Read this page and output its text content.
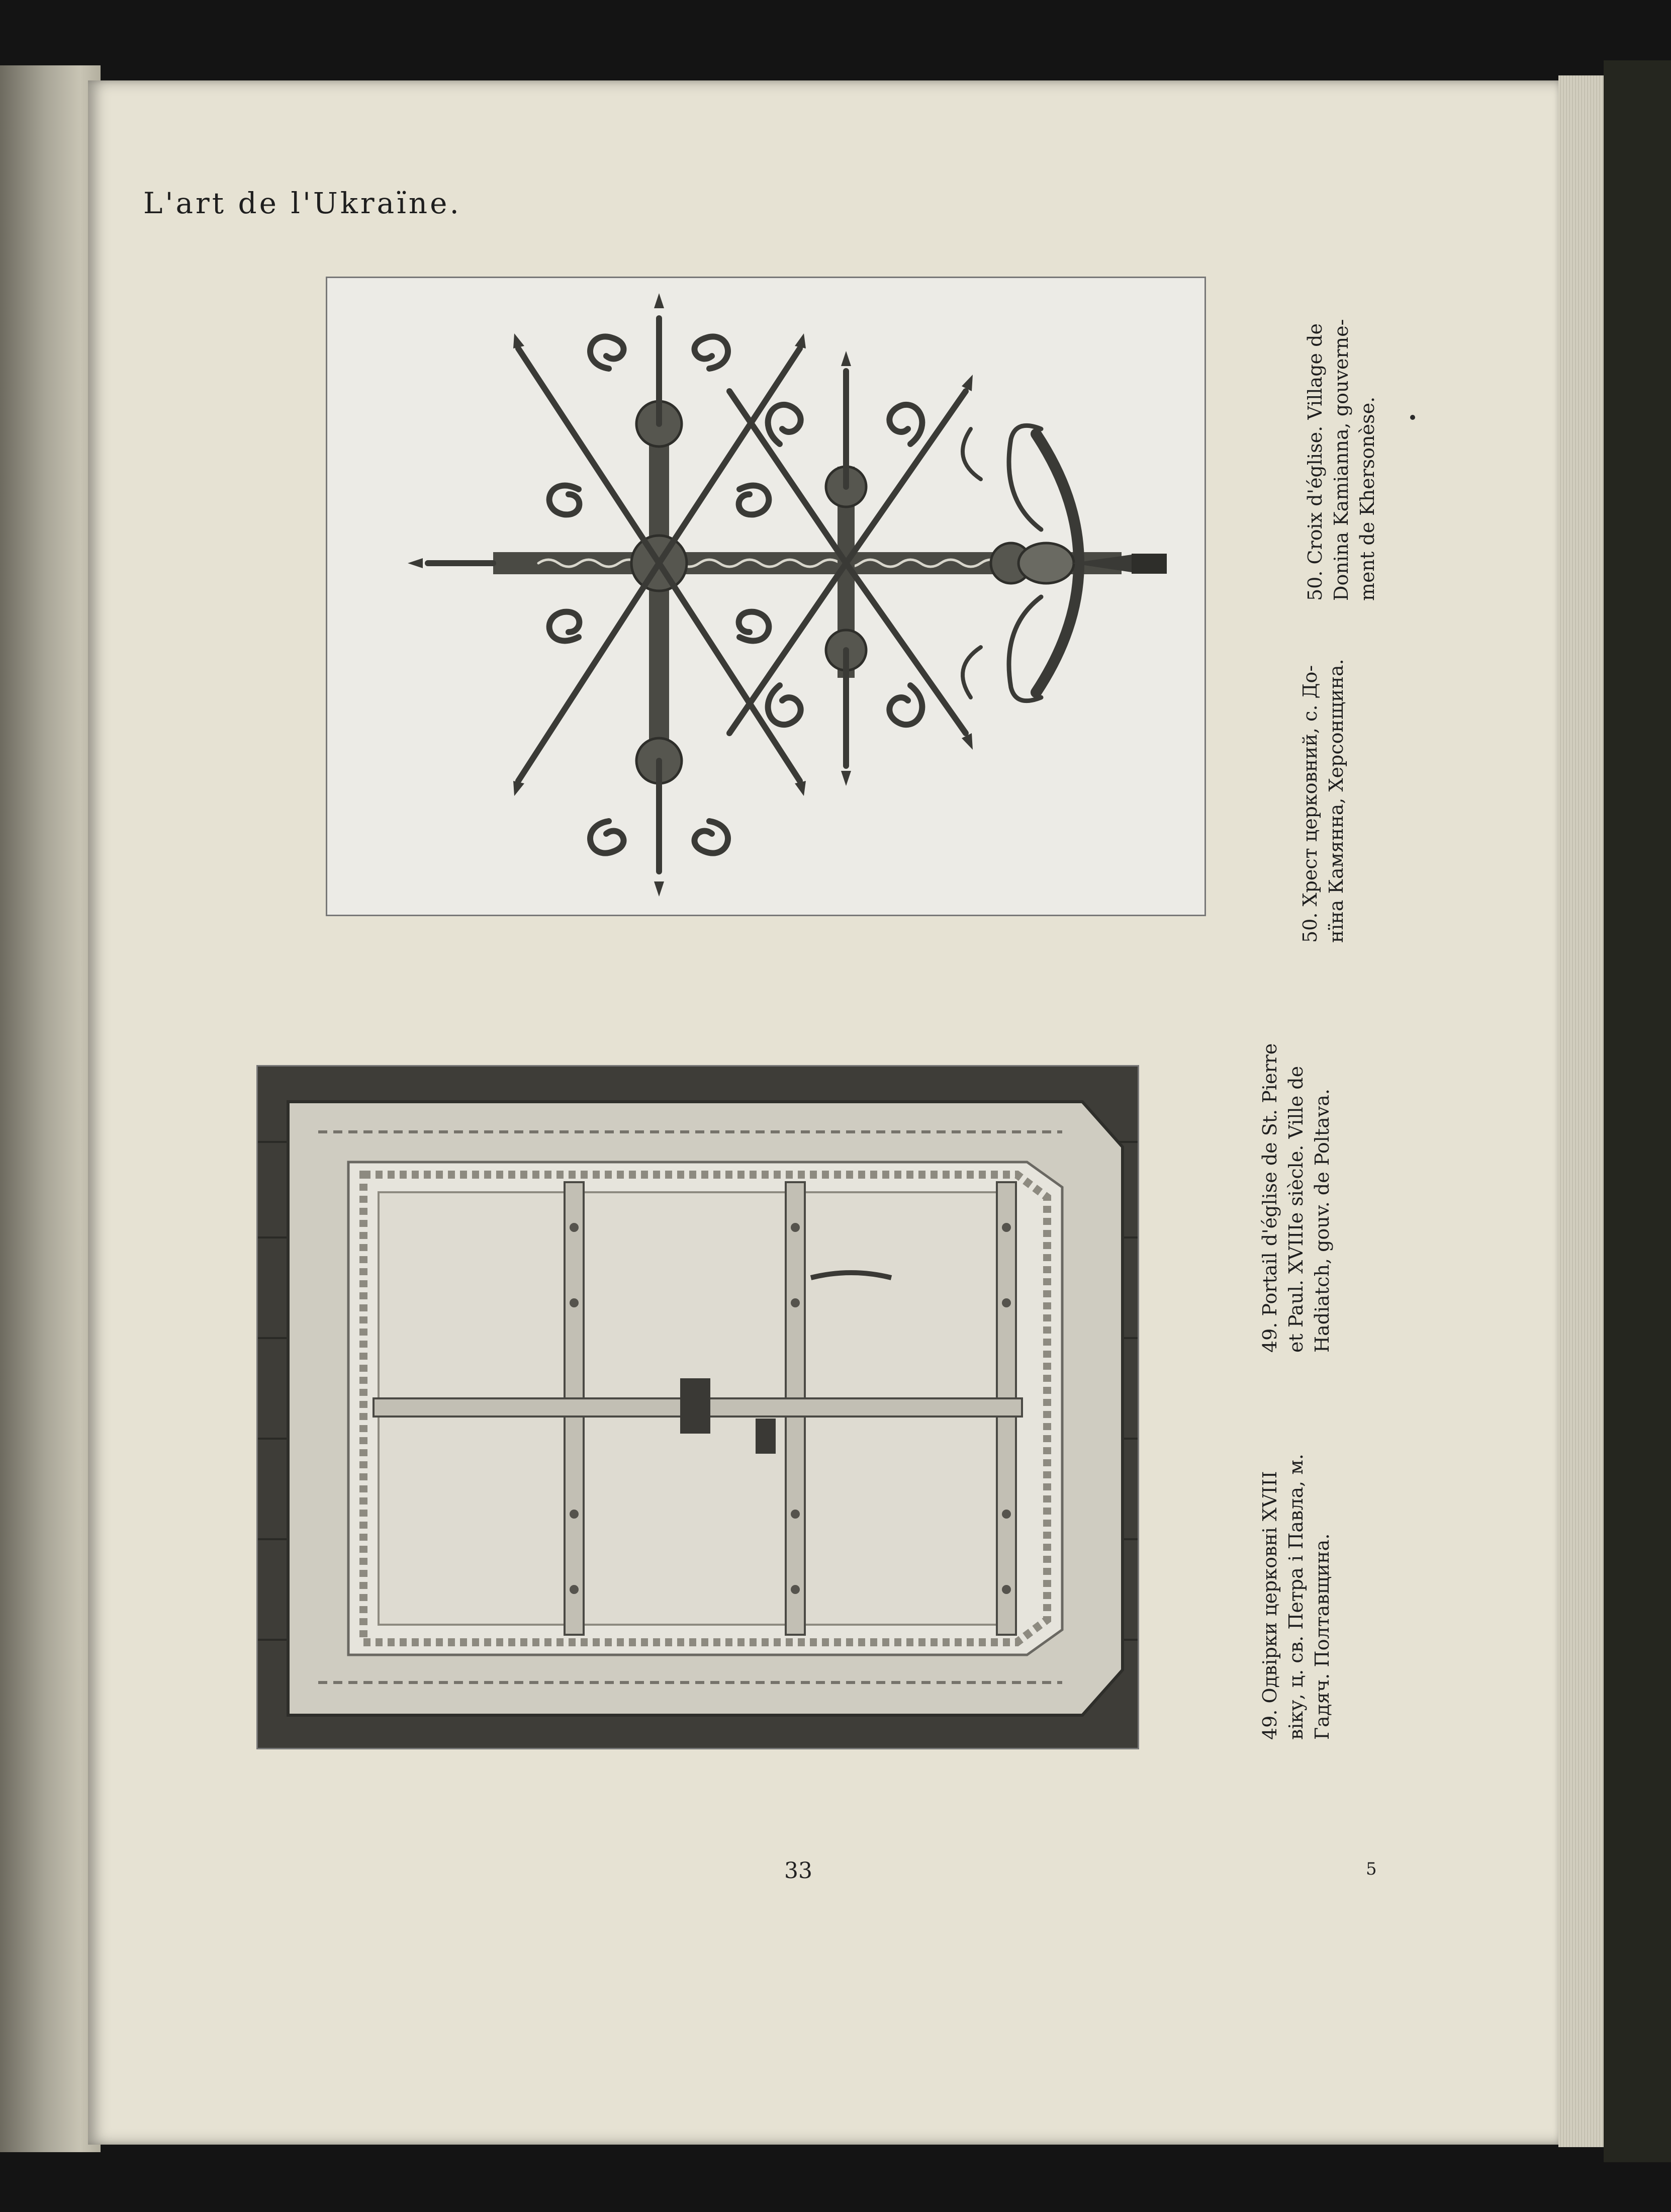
L'art de l'Ukraïne.
49. Одвірки церковні XVIII віку, ц. св. Петра і Павла, м. Гадяч. Полтавщина.
49. Portail d'église de St. Pierre et Paul. XVIIIe siècle. Ville de Hadiatch, gouv. de Poltava.
50. Хрест церковний, с. До- нїна Камянна, Херсонщина.
50. Croix d'église. Village de Donina Kamianna, gouverne- ment de Khersonèse.
33	5
